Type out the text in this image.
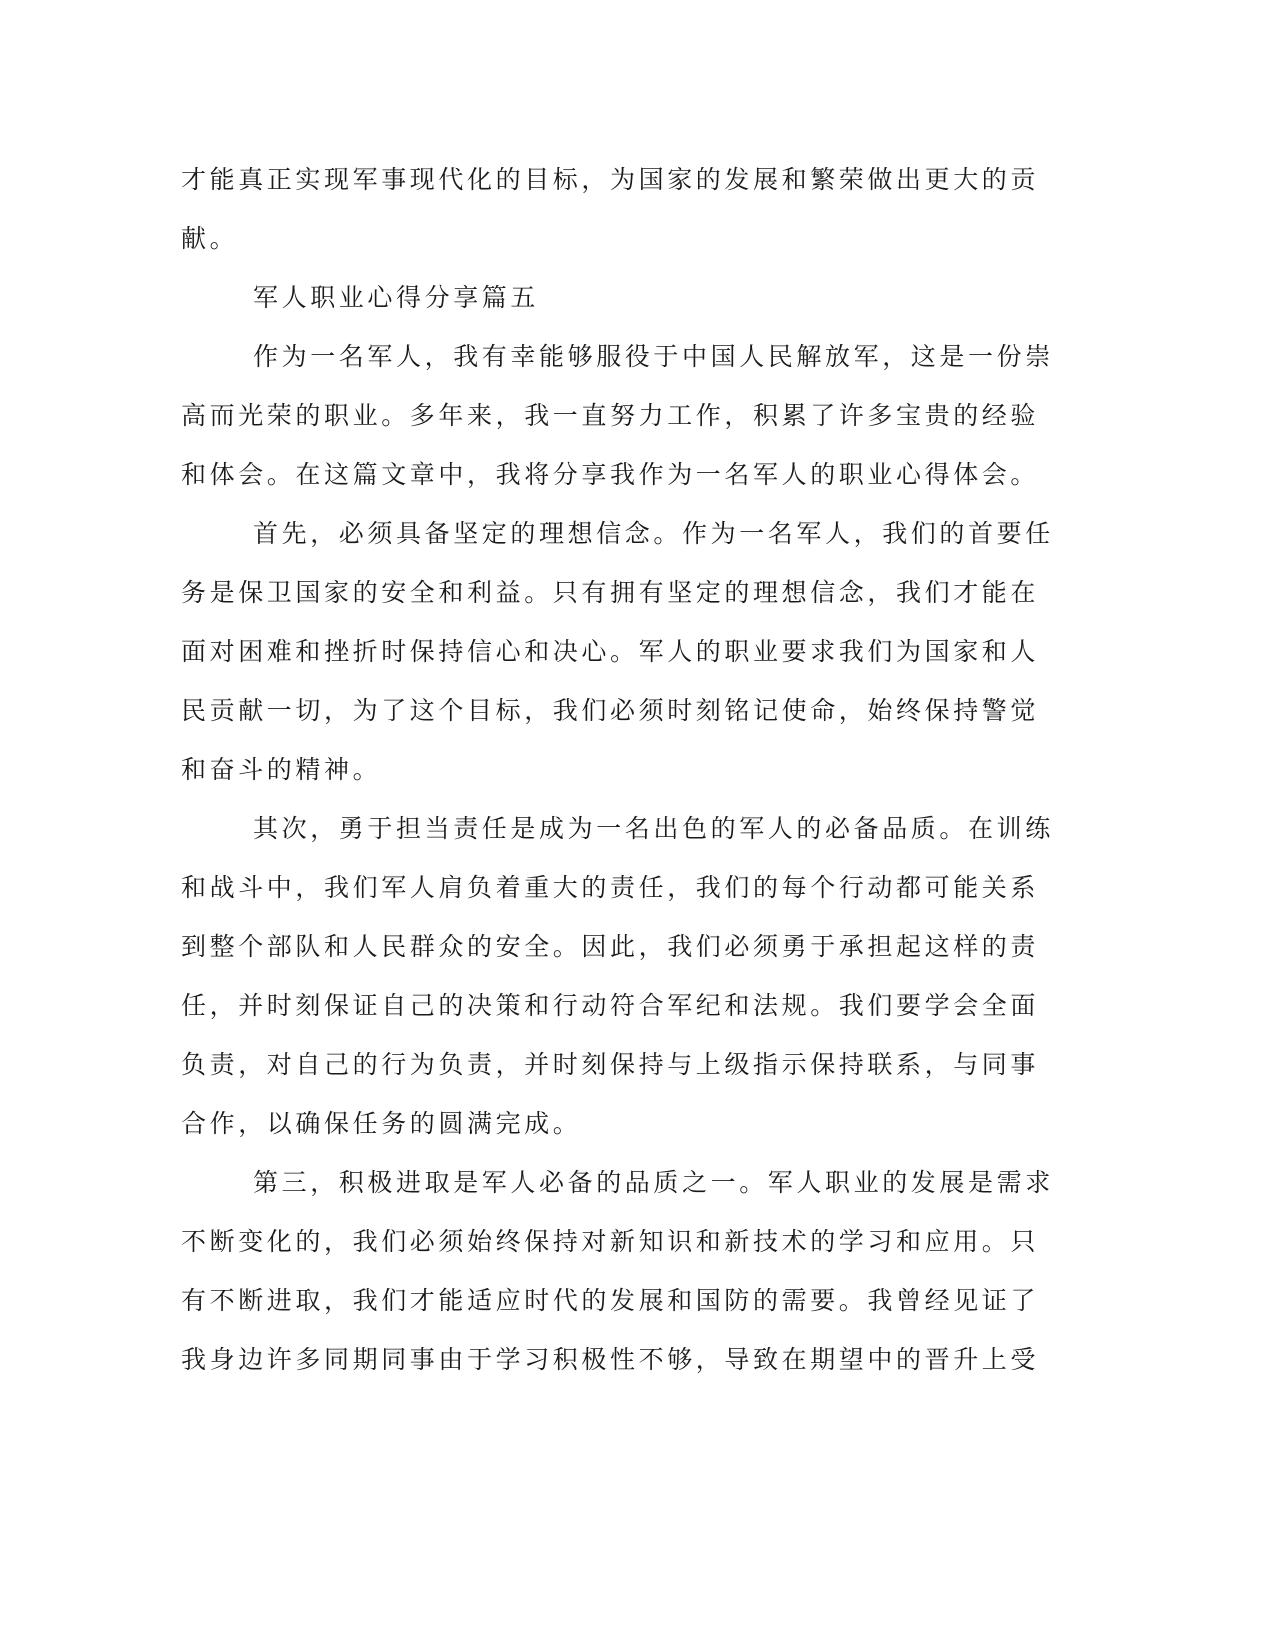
才能真正实现军事现代化的目标，为国家的发展和繁荣做出更大的贡
献。
军人职业心得分享篇五
作为一名军人，我有幸能够服役于中国人民解放军，这是一份崇
高而光荣的职业。多年来，我一直努力工作，积累了许多宝贵的经验
和体会。在这篇文章中，我将分享我作为一名军人的职业心得体会。
首先，必须具备坚定的理想信念。作为一名军人，我们的首要任
务是保卫国家的安全和利益。只有拥有坚定的理想信念，我们才能在
面对困难和挫折时保持信心和决心。军人的职业要求我们为国家和人
民贡献一切，为了这个目标，我们必须时刻铭记使命，始终保持警觉
和奋斗的精神。
其次，勇于担当责任是成为一名出色的军人的必备品质。在训练
和战斗中，我们军人肩负着重大的责任，我们的每个行动都可能关系
到整个部队和人民群众的安全。因此，我们必须勇于承担起这样的责
任，并时刻保证自己的决策和行动符合军纪和法规。我们要学会全面
负责，对自己的行为负责，并时刻保持与上级指示保持联系，与同事
合作，以确保任务的圆满完成。
第三，积极进取是军人必备的品质之一。军人职业的发展是需求
不断变化的，我们必须始终保持对新知识和新技术的学习和应用。只
有不断进取，我们才能适应时代的发展和国防的需要。我曾经见证了
我身边许多同期同事由于学习积极性不够，导致在期望中的晋升上受
